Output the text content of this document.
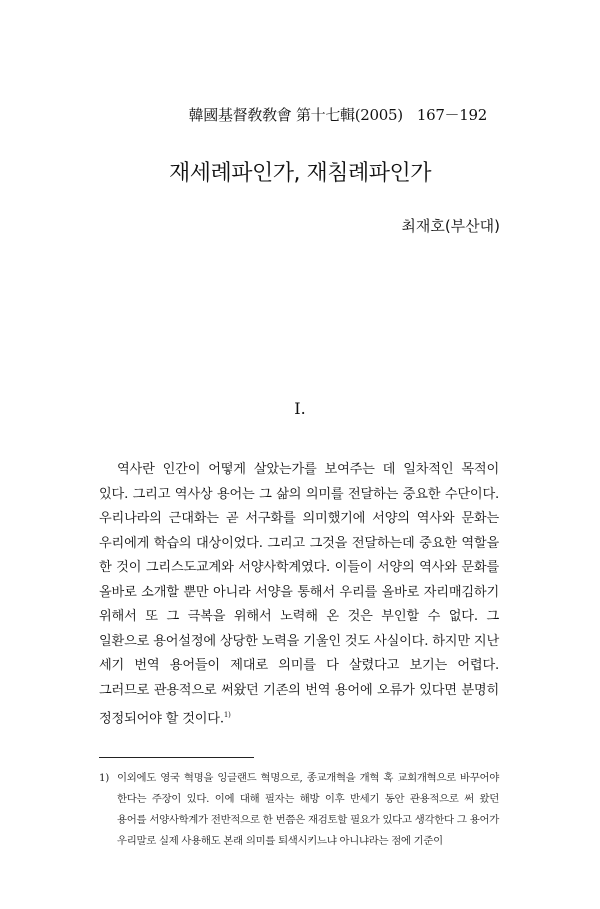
韓國基督敎敎會 第十七輯(2005) 167－192
재세례파인가, 재침례파인가
최재호(부산대)
I.

역사란 인간이 어떻게 살았는가를 보여주는 데 일차적인 목적이 있다. 그리고 역사상 용어는 그 삶의 의미를 전달하는 중요한 수단이다. 우리나라의 근대화는 곧 서구화를 의미했기에 서양의 역사와 문화는 우리에게 학습의 대상이었다. 그리고 그것을 전달하는데 중요한 역할을 한 것이 그리스도교계와 서양사학계였다. 이들이 서양의 역사와 문화를 올바로 소개할 뿐만 아니라 서양을 통해서 우리를 올바로 자리매김하기 위해서 또 그 극복을 위해서 노력해 온 것은 부인할 수 없다. 그 일환으로 용어설정에 상당한 노력을 기울인 것도 사실이다. 하지만 지난 세기 번역 용어들이 제대로 의미를 다 살렸다고 보기는 어렵다. 그러므로 관용적으로 써왔던 기존의 번역 용어에 오류가 있다면 분명히 정정되어야 할 것이다.$^{1)}$

1) 이외에도 영국 혁명을 잉글랜드 혁명으로, 종교개혁을 개혁 혹 교회개혁으로 바꾸어야 한다는 주장이 있다. 이에 대해 필자는 해방 이후 반세기 동안 관용적으로 써 왔던 용어를 서양사학계가 전반적으로 한 번쯤은 재검토할 필요가 있다고 생각한다 그 용어가 우리말로 실제 사용해도 본래 의미를 퇴색시키느냐 아니냐라는 점에 기준이
